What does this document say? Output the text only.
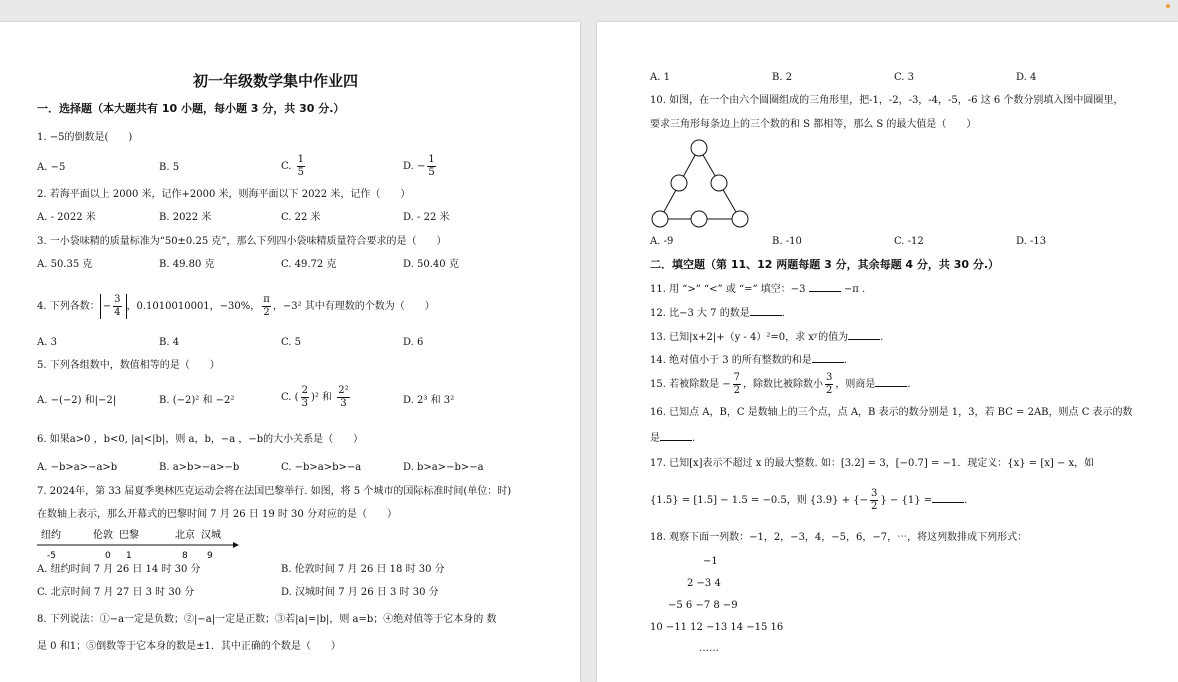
初一年级数学集中作业四
一．选择题（本大题共有 10 小题，每小题 3 分，共 30 分.）
1. −5的倒数是(　　)
A. −5	B. 5	C. $\frac{1}{5}$	D. − $\frac{1}{5}$
2. 若海平面以上 2000 米，记作+2000 米，则海平面以下 2022 米，记作（　　）
A. - 2022 米	B. 2022 米	C. 22 米	D. - 22 米
3. 一小袋味精的质量标准为“50±0.25 克”，那么下列四小袋味精质量符合要求的是（　　）
A. 50.35 克	B. 49.80 克	C. 49.72 克	D. 50.40 克
4. 下列各数： − $\frac{3}{4}$ ，0.1010010001，−30%， $\frac{\pi}{2}$ ，−3² 其中有理数的个数为（　　）
A. 3	B. 4	C. 5	D. 6
5. 下列各组数中，数值相等的是（　　）
A. −(−2) 和|−2|	B. (−2)² 和 −2²	C. ( $\frac{2}{3} )^2$ 和 $\frac{\text{2²}}{3}$	D. 2³ 和 3²
6. 如果a>0 ，b<0, |a|<|b|，则 a，b，−a ，−b的大小关系是（　　）
A. −b>a>−a>b	B. a>b>−a>−b	C. −b>a>b>−a	D. b>a>−b>−a
7. 2024年，第 33 届夏季奥林匹克运动会将在法国巴黎举行. 如图，将 5 个城市的国际标准时间(单位：时)
在数轴上表示，那么开幕式的巴黎时间 7 月 26 日 19 时 30 分对应的是（　　）
纽约	伦敦 巴黎	北京 汉城
-5	0 1	8 9
A. 纽约时间 7 月 26 日 14 时 30 分	B. 伦敦时间 7 月 26 日 18 时 30 分
C. 北京时间 7 月 27 日 3 时 30 分	D. 汉城时间 7 月 26 日 3 时 30 分
8. 下列说法：①−a一定是负数；②|−a|一定是正数；③若|a|=|b|，则 a=b；④绝对值等于它本身的 数
是 0 和1；⑤倒数等于它本身的数是±1．其中正确的个数是（　　）
A. 1	B. 2	C. 3	D. 4
10. 如图，在一个由六个圆圈组成的三角形里，把-1，-2，-3，-4，-5，-6 这 6 个数分别填入图中圆圈里，
要求三角形每条边上的三个数的和 S 都相等，那么 S 的最大值是（　　）
A. -9	B. -10	C. -12	D. -13
二．填空题（第 11、12 两题每题 3 分，其余每题 4 分，共 30 分.）
11. 用 “>” “<” 或 “=” 填空：−3	−π .
12. 比−3 大 7 的数是	.
13. 已知|x+2|+（y - 4）²=0，求 xʸ的值为	.
14. 绝对值小于 3 的所有整数的和是	.
15. 若被除数是 − $\frac{7}{2}$ ，除数比被除数小 $\frac{3}{2}$ ，则商是	.
16. 已知点 A，B，C 是数轴上的三个点，点 A，B 表示的数分别是 1，3，若 BC = 2AB，则点 C 表示的数
是	.
17. 已知[x]表示不超过 x 的最大整数. 如：[3.2] = 3，[−0.7] = −1．现定义：{x} = [x] − x，如
{1.5} = [1.5] − 1.5 = −0.5，则 {3.9} + {− $\frac{3}{2}$ } − {1} =	.
18. 观察下面一列数：−1，2，−3，4，−5，6，−7，⋯，将这列数排成下列形式：
−1
2 −3 4
−5 6 −7 8 −9
10 −11 12 −13 14 −15 16
……
